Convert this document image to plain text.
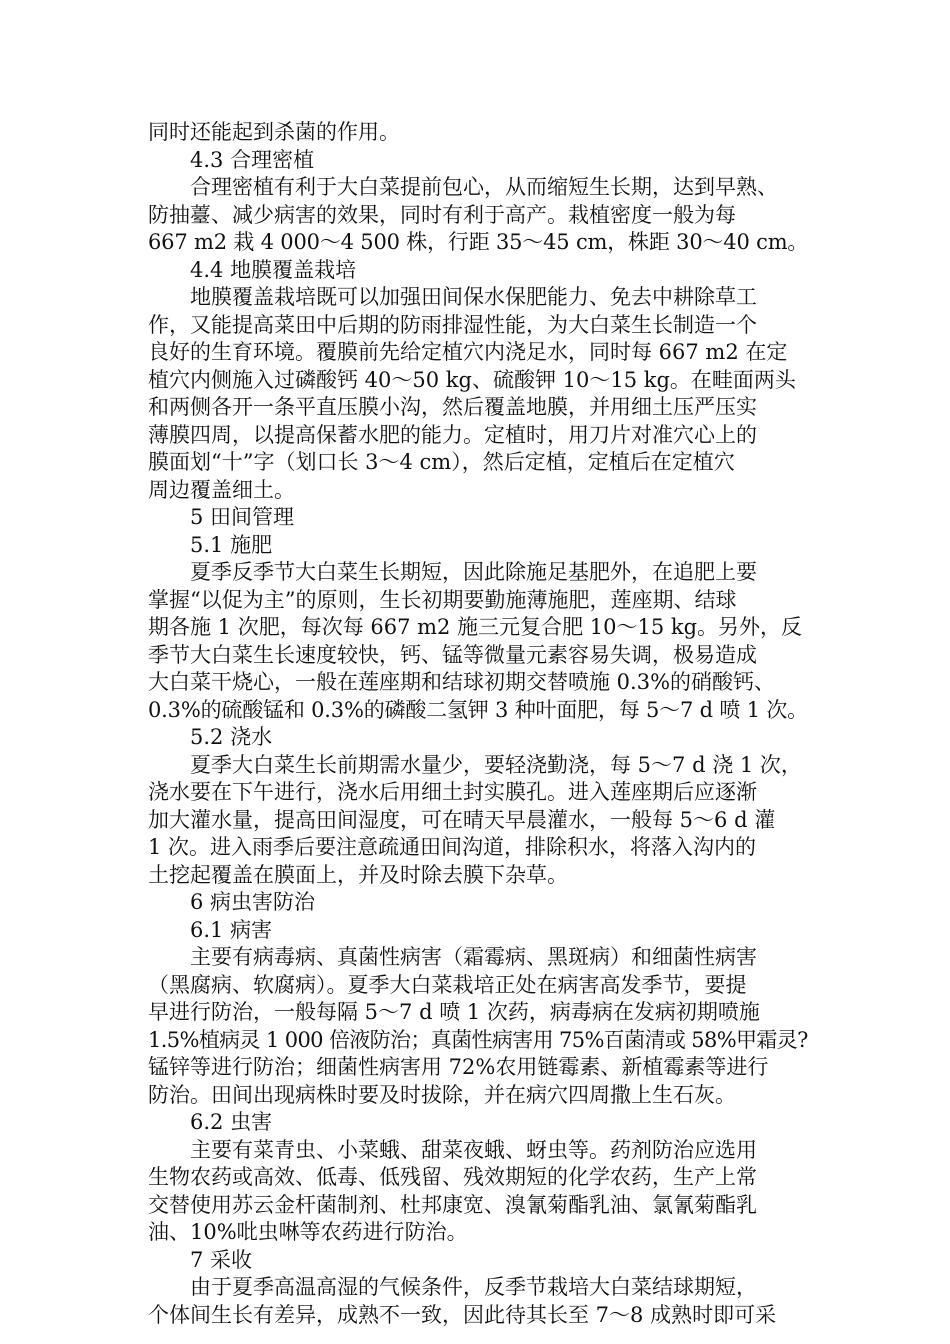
同时还能起到杀菌的作用。
4.3 合理密植
合理密植有利于大白菜提前包心，从而缩短生长期，达到早熟、
防抽薹、减少病害的效果，同时有利于高产。栽植密度一般为每
667 m2 栽 4 000～4 500 株，行距 35～45 cm，株距 30～40 cm。
4.4 地膜覆盖栽培
地膜覆盖栽培既可以加强田间保水保肥能力、免去中耕除草工
作，又能提高菜田中后期的防雨排湿性能，为大白菜生长制造一个
良好的生育环境。覆膜前先给定植穴内浇足水，同时每 667 m2 在定
植穴内侧施入过磷酸钙 40～50 kg、硫酸钾 10～15 kg。在畦面两头
和两侧各开一条平直压膜小沟，然后覆盖地膜，并用细土压严压实
薄膜四周，以提高保蓄水肥的能力。定植时，用刀片对准穴心上的
膜面划“十”字（划口长 3～4 cm），然后定植，定植后在定植穴
周边覆盖细土。
5 田间管理
5.1 施肥
夏季反季节大白菜生长期短，因此除施足基肥外，在追肥上要
掌握“以促为主”的原则，生长初期要勤施薄施肥，莲座期、结球
期各施 1 次肥，每次每 667 m2 施三元复合肥 10～15 kg。另外，反
季节大白菜生长速度较快，钙、锰等微量元素容易失调，极易造成
大白菜干烧心，一般在莲座期和结球初期交替喷施 0.3%的硝酸钙、
0.3%的硫酸锰和 0.3%的磷酸二氢钾 3 种叶面肥，每 5～7 d 喷 1 次。
5.2 浇水
夏季大白菜生长前期需水量少，要轻浇勤浇，每 5～7 d 浇 1 次，
浇水要在下午进行，浇水后用细土封实膜孔。进入莲座期后应逐渐
加大灌水量，提高田间湿度，可在晴天早晨灌水，一般每 5～6 d 灌
1 次。进入雨季后要注意疏通田间沟道，排除积水，将落入沟内的
土挖起覆盖在膜面上，并及时除去膜下杂草。
6 病虫害防治
6.1 病害
主要有病毒病、真菌性病害（霜霉病、黑斑病）和细菌性病害
（黑腐病、软腐病）。夏季大白菜栽培正处在病害高发季节，要提
早进行防治，一般每隔 5～7 d 喷 1 次药，病毒病在发病初期喷施
1.5%植病灵 1 000 倍液防治；真菌性病害用 75%百菌清或 58%甲霜灵?
锰锌等进行防治；细菌性病害用 72%农用链霉素、新植霉素等进行
防治。田间出现病株时要及时拔除，并在病穴四周撒上生石灰。
6.2 虫害
主要有菜青虫、小菜蛾、甜菜夜蛾、蚜虫等。药剂防治应选用
生物农药或高效、低毒、低残留、残效期短的化学农药，生产上常
交替使用苏云金杆菌制剂、杜邦康宽、溴氰菊酯乳油、氯氰菊酯乳
油、10%吡虫啉等农药进行防治。
7 采收
由于夏季高温高湿的气候条件，反季节栽培大白菜结球期短，
个体间生长有差异，成熟不一致，因此待其长至 7～8 成熟时即可采
